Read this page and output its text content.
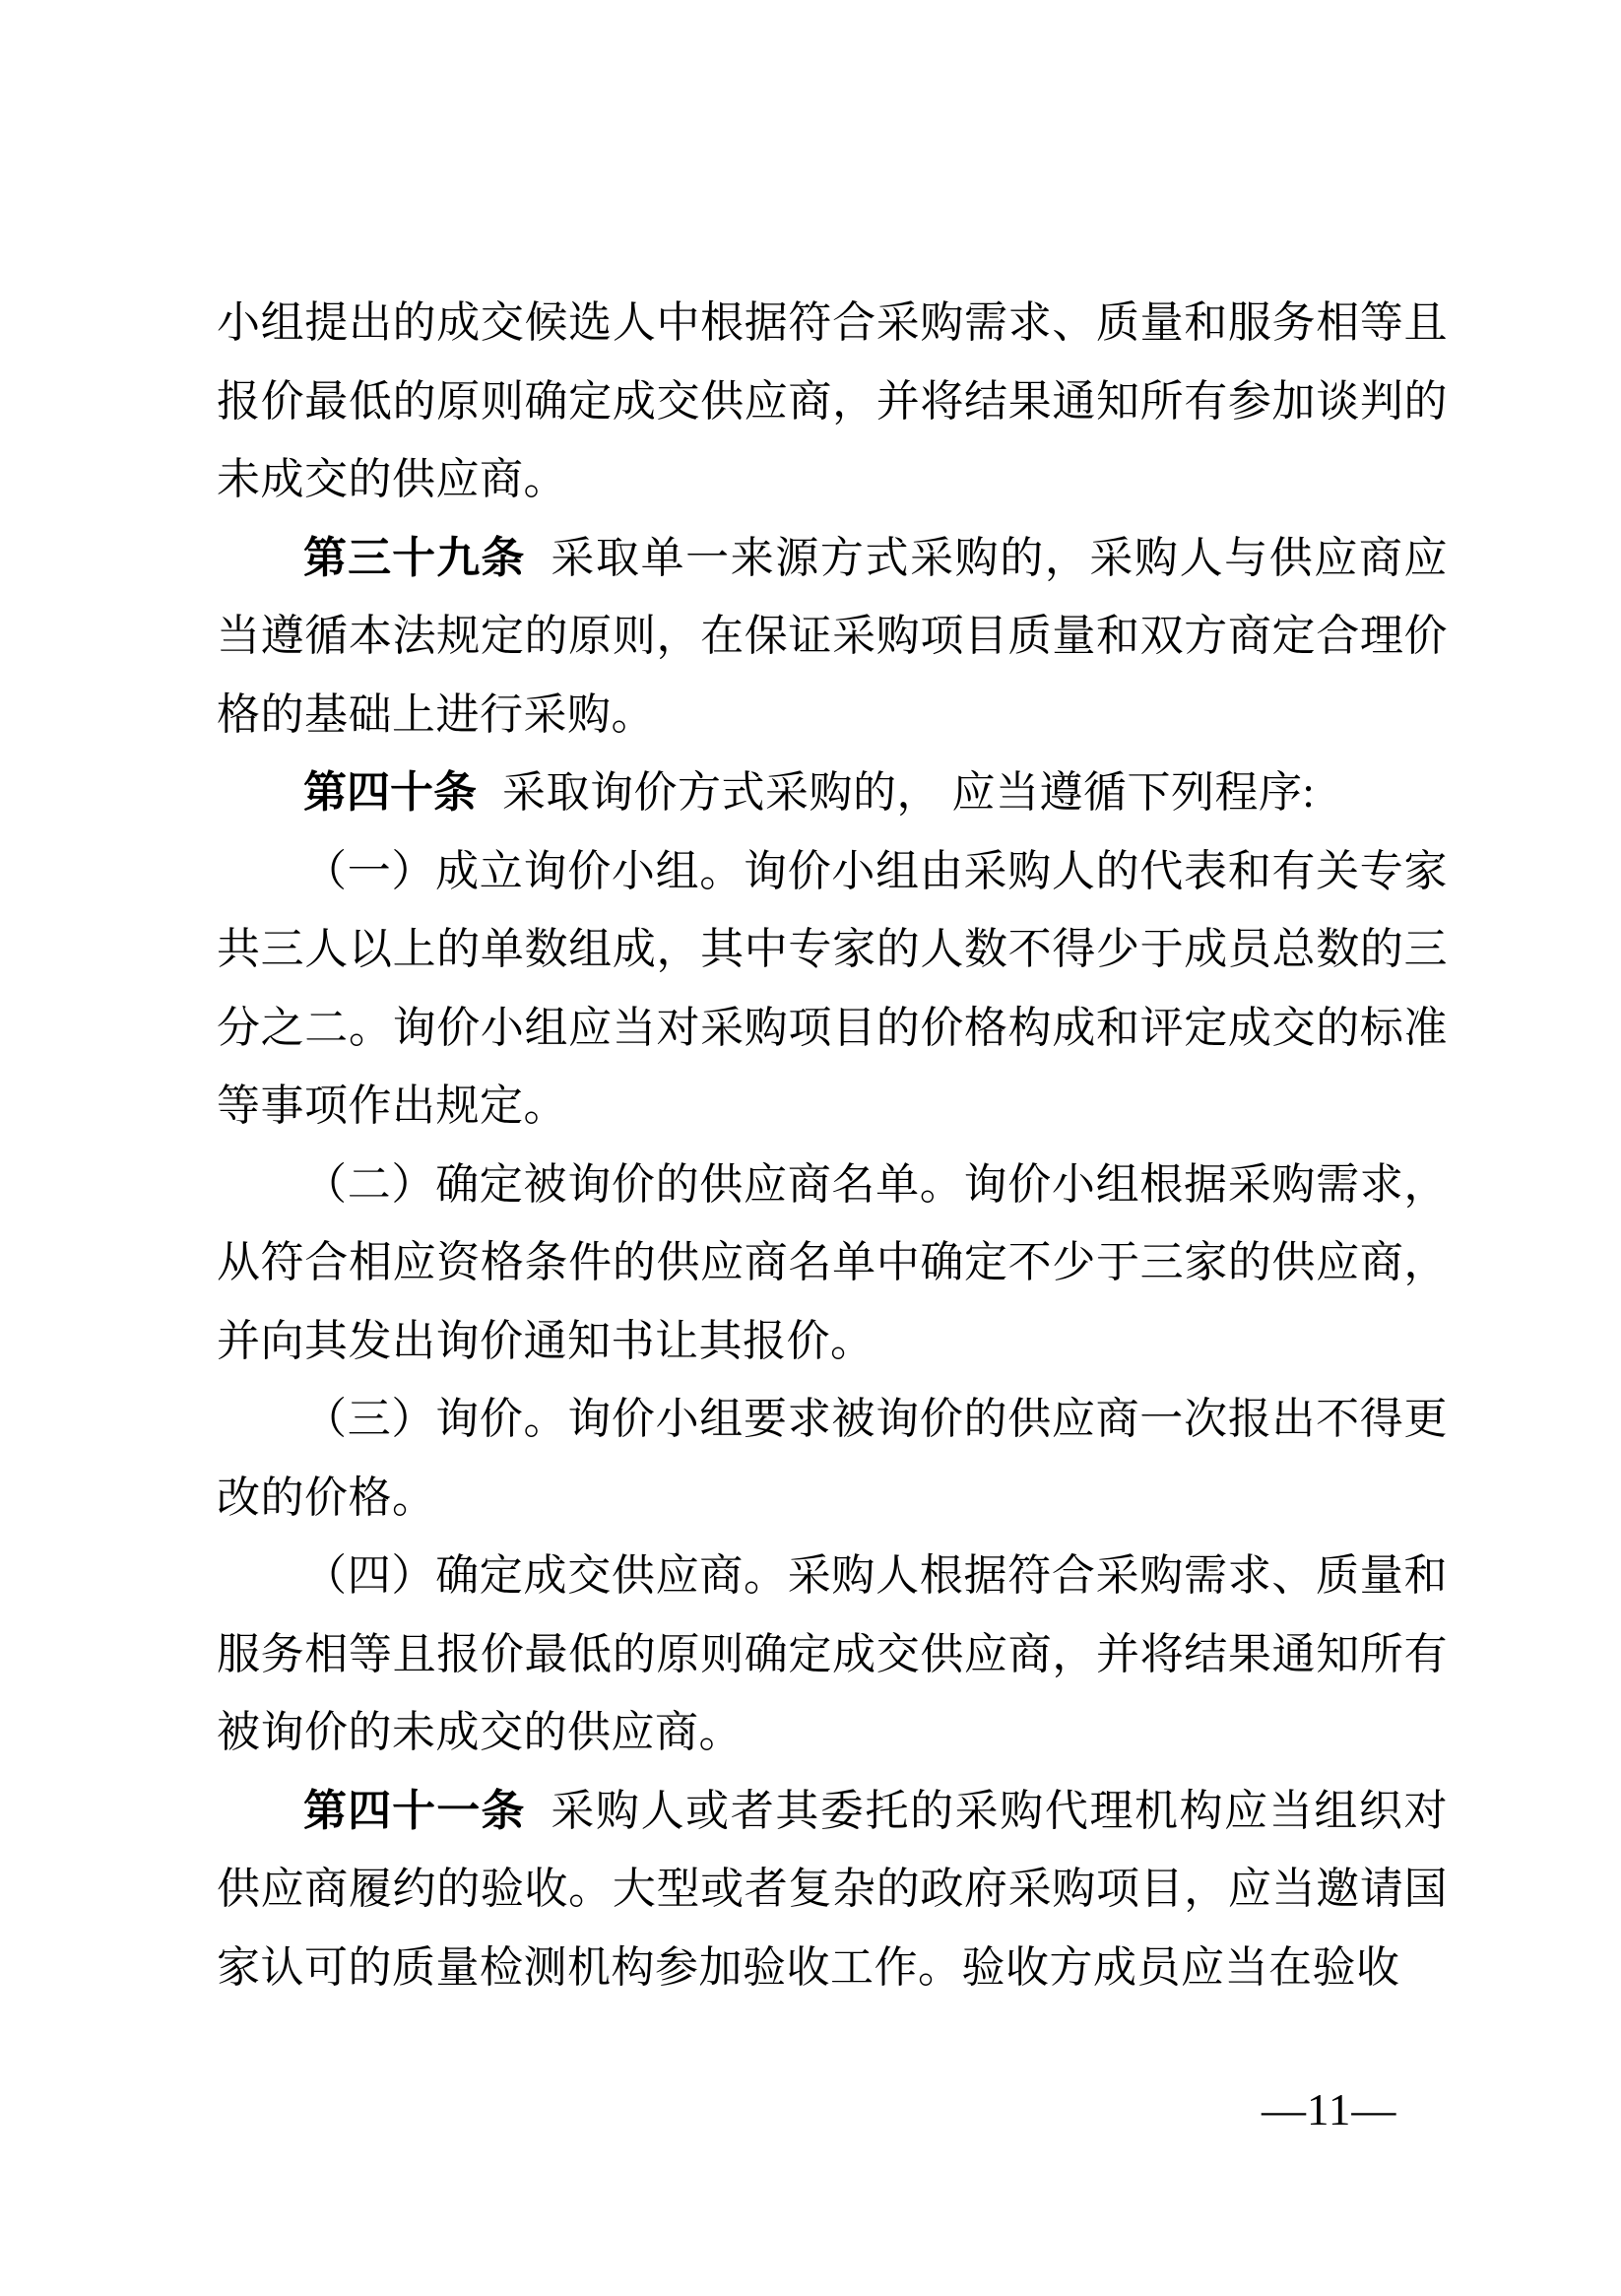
小组提出的成交候选人中根据符合采购需求、质量和服务相等且报价最低的原则确定成交供应商，并将结果通知所有参加谈判的未成交的供应商。

第三十九条 采取单一来源方式采购的，采购人与供应商应当遵循本法规定的原则，在保证采购项目质量和双方商定合理价格的基础上进行采购。

第四十条 采取询价方式采购的， 应当遵循下列程序:

（一）成立询价小组。询价小组由采购人的代表和有关专家共三人以上的单数组成，其中专家的人数不得少于成员总数的三分之二。询价小组应当对采购项目的价格构成和评定成交的标准等事项作出规定。

（二）确定被询价的供应商名单。询价小组根据采购需求，从符合相应资格条件的供应商名单中确定不少于三家的供应商，并向其发出询价通知书让其报价。

（三）询价。询价小组要求被询价的供应商一次报出不得更改的价格。

（四）确定成交供应商。采购人根据符合采购需求、质量和服务相等且报价最低的原则确定成交供应商，并将结果通知所有被询价的未成交的供应商。

第四十一条 采购人或者其委托的采购代理机构应当组织对供应商履约的验收。大型或者复杂的政府采购项目，应当邀请国家认可的质量检测机构参加验收工作。验收方成员应当在验收

—11—
